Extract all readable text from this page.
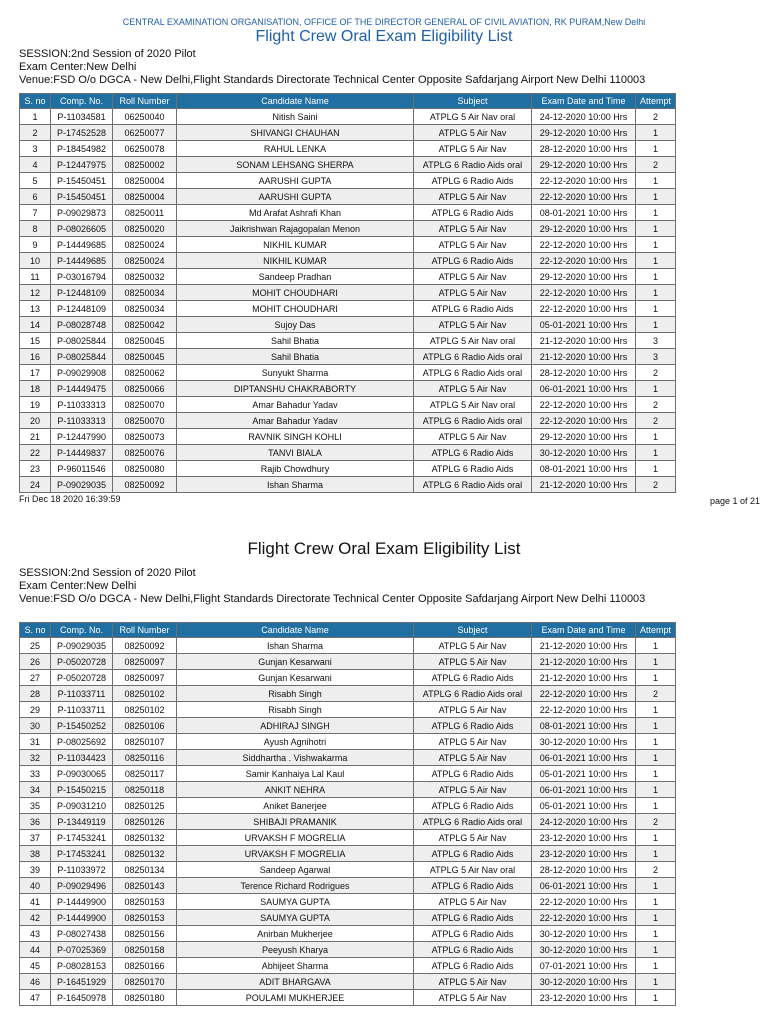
CENTRAL EXAMINATION ORGANISATION, OFFICE OF THE DIRECTOR GENERAL OF CIVIL AVIATION, RK PURAM,New Delhi
Flight Crew Oral Exam Eligibility List
SESSION:2nd Session of 2020 Pilot
Exam Center:New Delhi
Venue:FSD O/o DGCA - New Delhi,Flight Standards Directorate Technical Center Opposite Safdarjang Airport New Delhi 110003
S. no	Comp. No.	Roll Number	Candidate Name	Subject	Exam Date and Time	Attempt
1	P-11034581	06250040	Nitish Saini	ATPLG 5 Air Nav oral	24-12-2020 10:00 Hrs	2
2	P-17452528	06250077	SHIVANGI CHAUHAN	ATPLG 5 Air Nav	29-12-2020 10:00 Hrs	1
3	P-18454982	06250078	RAHUL LENKA	ATPLG 5 Air Nav	28-12-2020 10:00 Hrs	1
4	P-12447975	08250002	SONAM LEHSANG SHERPA	ATPLG 6 Radio Aids oral	29-12-2020 10:00 Hrs	2
5	P-15450451	08250004	AARUSHI GUPTA	ATPLG 6 Radio Aids	22-12-2020 10:00 Hrs	1
6	P-15450451	08250004	AARUSHI GUPTA	ATPLG 5 Air Nav	22-12-2020 10:00 Hrs	1
7	P-09029873	08250011	Md Arafat Ashrafi Khan	ATPLG 6 Radio Aids	08-01-2021 10:00 Hrs	1
8	P-08026605	08250020	Jaikrishwan Rajagopalan Menon	ATPLG 5 Air Nav	29-12-2020 10:00 Hrs	1
9	P-14449685	08250024	NIKHIL KUMAR	ATPLG 5 Air Nav	22-12-2020 10:00 Hrs	1
10	P-14449685	08250024	NIKHIL KUMAR	ATPLG 6 Radio Aids	22-12-2020 10:00 Hrs	1
11	P-03016794	08250032	Sandeep Pradhan	ATPLG 5 Air Nav	29-12-2020 10:00 Hrs	1
12	P-12448109	08250034	MOHIT CHOUDHARI	ATPLG 5 Air Nav	22-12-2020 10:00 Hrs	1
13	P-12448109	08250034	MOHIT CHOUDHARI	ATPLG 6 Radio Aids	22-12-2020 10:00 Hrs	1
14	P-08028748	08250042	Sujoy Das	ATPLG 5 Air Nav	05-01-2021 10:00 Hrs	1
15	P-08025844	08250045	Sahil Bhatia	ATPLG 5 Air Nav oral	21-12-2020 10:00 Hrs	3
16	P-08025844	08250045	Sahil Bhatia	ATPLG 6 Radio Aids oral	21-12-2020 10:00 Hrs	3
17	P-09029908	08250062	Sunyukt Sharma	ATPLG 6 Radio Aids oral	28-12-2020 10:00 Hrs	2
18	P-14449475	08250066	DIPTANSHU CHAKRABORTY	ATPLG 5 Air Nav	06-01-2021 10:00 Hrs	1
19	P-11033313	08250070	Amar Bahadur Yadav	ATPLG 5 Air Nav oral	22-12-2020 10:00 Hrs	2
20	P-11033313	08250070	Amar Bahadur Yadav	ATPLG 6 Radio Aids oral	22-12-2020 10:00 Hrs	2
21	P-12447990	08250073	RAVNIK SINGH KOHLI	ATPLG 5 Air Nav	29-12-2020 10:00 Hrs	1
22	P-14449837	08250076	TANVI BIALA	ATPLG 6 Radio Aids	30-12-2020 10:00 Hrs	1
23	P-96011546	08250080	Rajib Chowdhury	ATPLG 6 Radio Aids	08-01-2021 10:00 Hrs	1
24	P-09029035	08250092	Ishan Sharma	ATPLG 6 Radio Aids oral	21-12-2020 10:00 Hrs	2
Fri Dec 18 2020 16:39:59	page 1 of 21
Flight Crew Oral Exam Eligibility List
SESSION:2nd Session of 2020 Pilot
Exam Center:New Delhi
Venue:FSD O/o DGCA - New Delhi,Flight Standards Directorate Technical Center Opposite Safdarjang Airport New Delhi 110003
S. no	Comp. No.	Roll Number	Candidate Name	Subject	Exam Date and Time	Attempt
25	P-09029035	08250092	Ishan Sharma	ATPLG 5 Air Nav	21-12-2020 10:00 Hrs	1
26	P-05020728	08250097	Gunjan Kesarwani	ATPLG 5 Air Nav	21-12-2020 10:00 Hrs	1
27	P-05020728	08250097	Gunjan Kesarwani	ATPLG 6 Radio Aids	21-12-2020 10:00 Hrs	1
28	P-11033711	08250102	Risabh Singh	ATPLG 6 Radio Aids oral	22-12-2020 10:00 Hrs	2
29	P-11033711	08250102	Risabh Singh	ATPLG 5 Air Nav	22-12-2020 10:00 Hrs	1
30	P-15450252	08250106	ADHIRAJ SINGH	ATPLG 6 Radio Aids	08-01-2021 10:00 Hrs	1
31	P-08025692	08250107	Ayush Agnihotri	ATPLG 5 Air Nav	30-12-2020 10:00 Hrs	1
32	P-11034423	08250116	Siddhartha . Vishwakarma	ATPLG 5 Air Nav	06-01-2021 10:00 Hrs	1
33	P-09030065	08250117	Samir Kanhaiya Lal Kaul	ATPLG 6 Radio Aids	05-01-2021 10:00 Hrs	1
34	P-15450215	08250118	ANKIT NEHRA	ATPLG 5 Air Nav	06-01-2021 10:00 Hrs	1
35	P-09031210	08250125	Aniket Banerjee	ATPLG 6 Radio Aids	05-01-2021 10:00 Hrs	1
36	P-13449119	08250126	SHIBAJI PRAMANIK	ATPLG 6 Radio Aids oral	24-12-2020 10:00 Hrs	2
37	P-17453241	08250132	URVAKSH F MOGRELIA	ATPLG 5 Air Nav	23-12-2020 10:00 Hrs	1
38	P-17453241	08250132	URVAKSH F MOGRELIA	ATPLG 6 Radio Aids	23-12-2020 10:00 Hrs	1
39	P-11033972	08250134	Sandeep Agarwal	ATPLG 5 Air Nav oral	28-12-2020 10:00 Hrs	2
40	P-09029496	08250143	Terence Richard Rodrigues	ATPLG 6 Radio Aids	06-01-2021 10:00 Hrs	1
41	P-14449900	08250153	SAUMYA GUPTA	ATPLG 5 Air Nav	22-12-2020 10:00 Hrs	1
42	P-14449900	08250153	SAUMYA GUPTA	ATPLG 6 Radio Aids	22-12-2020 10:00 Hrs	1
43	P-08027438	08250156	Anirban Mukherjee	ATPLG 6 Radio Aids	30-12-2020 10:00 Hrs	1
44	P-07025369	08250158	Peeyush Kharya	ATPLG 6 Radio Aids	30-12-2020 10:00 Hrs	1
45	P-08028153	08250166	Abhijeet Sharma	ATPLG 6 Radio Aids	07-01-2021 10:00 Hrs	1
46	P-16451929	08250170	ADIT BHARGAVA	ATPLG 5 Air Nav	30-12-2020 10:00 Hrs	1
47	P-16450978	08250180	POULAMI MUKHERJEE	ATPLG 5 Air Nav	23-12-2020 10:00 Hrs	1
